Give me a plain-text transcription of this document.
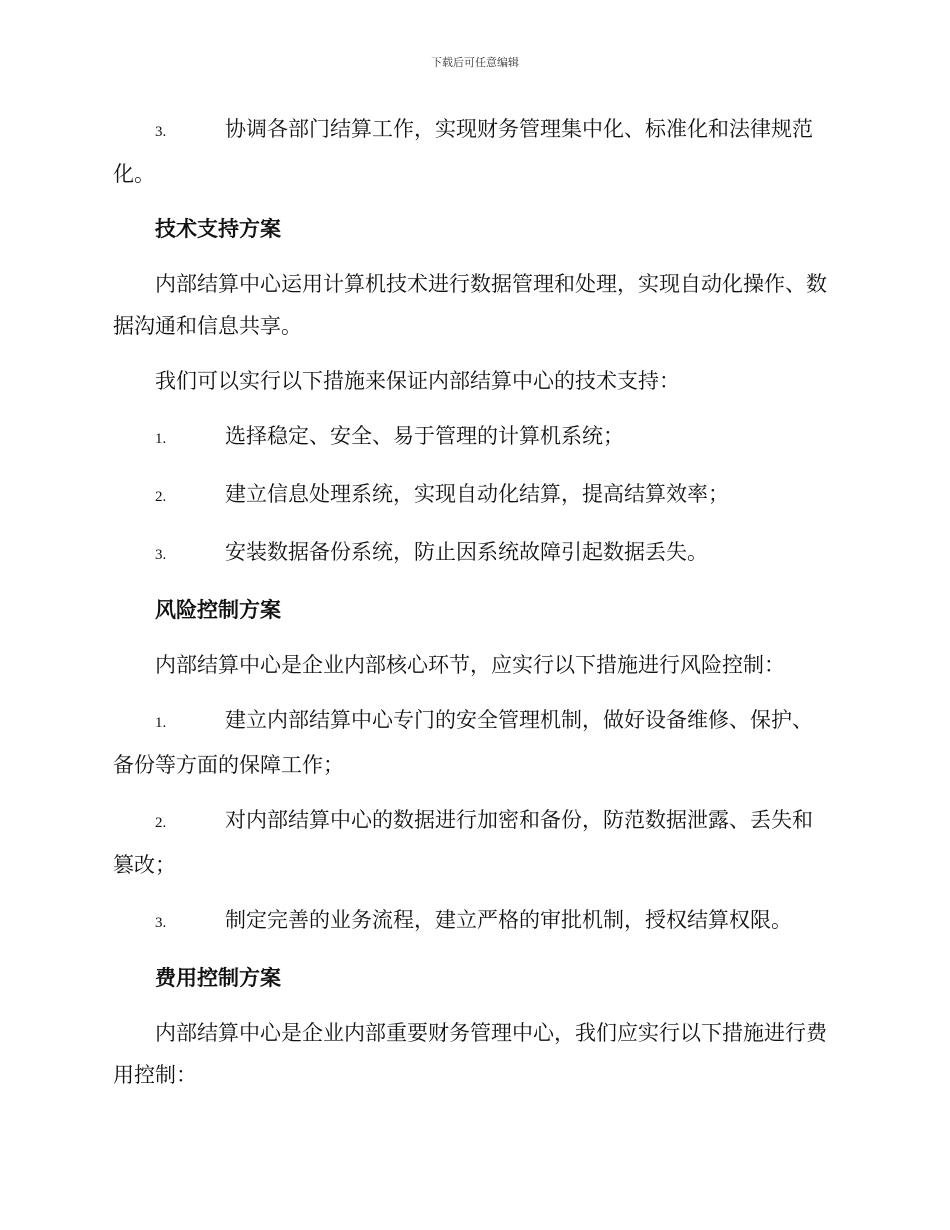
下载后可任意编辑

3.	协调各部门结算工作，实现财务管理集中化、标准化和法律规范化。

技术支持方案

内部结算中心运用计算机技术进行数据管理和处理，实现自动化操作、数据沟通和信息共享。

我们可以实行以下措施来保证内部结算中心的技术支持：

1.	选择稳定、安全、易于管理的计算机系统；

2.	建立信息处理系统，实现自动化结算，提高结算效率；

3.	安装数据备份系统，防止因系统故障引起数据丢失。

风险控制方案

内部结算中心是企业内部核心环节，应实行以下措施进行风险控制：

1.	建立内部结算中心专门的安全管理机制，做好设备维修、保护、备份等方面的保障工作；

2.	对内部结算中心的数据进行加密和备份，防范数据泄露、丢失和篡改；

3.	制定完善的业务流程，建立严格的审批机制，授权结算权限。

费用控制方案

内部结算中心是企业内部重要财务管理中心，我们应实行以下措施进行费用控制：
